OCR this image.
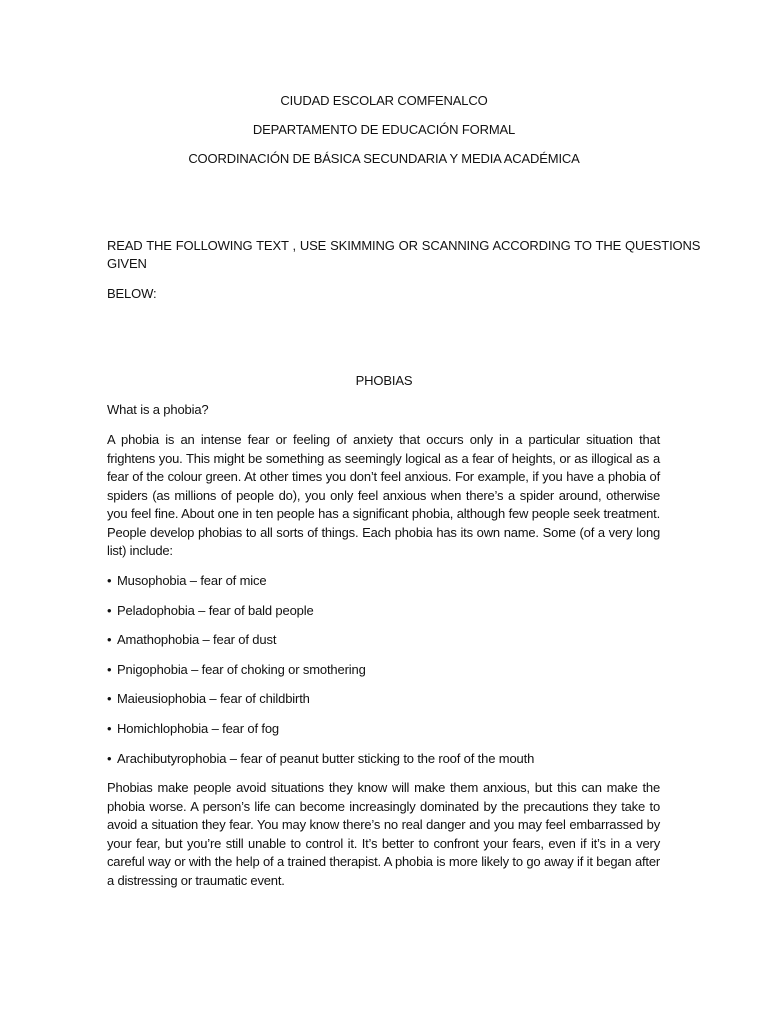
CIUDAD ESCOLAR COMFENALCO

DEPARTAMENTO DE EDUCACIÓN FORMAL

COORDINACIÓN DE BÁSICA SECUNDARIA Y MEDIA ACADÉMICA

READ THE FOLLOWING TEXT , USE SKIMMING OR SCANNING ACCORDING TO THE QUESTIONS

GIVEN

BELOW:

PHOBIAS

What is a phobia?

A phobia is an intense fear or feeling of anxiety that occurs only in a particular situation that frightens you. This might be something as seemingly logical as a fear of heights, or as illogical as a fear of the colour green. At other times you don’t feel anxious. For example, if you have a phobia of spiders (as millions of people do), you only feel anxious when there’s a spider around, otherwise you feel fine. About one in ten people has a significant phobia, although few people seek treatment. People develop phobias to all sorts of things. Each phobia has its own name. Some (of a very long list) include:

• Musophobia – fear of mice
• Peladophobia – fear of bald people
• Amathophobia – fear of dust
• Pnigophobia – fear of choking or smothering
• Maieusiophobia – fear of childbirth
• Homichlophobia – fear of fog
• Arachibutyrophobia – fear of peanut butter sticking to the roof of the mouth

Phobias make people avoid situations they know will make them anxious, but this can make the phobia worse. A person’s life can become increasingly dominated by the precautions they take to avoid a situation they fear. You may know there’s no real danger and you may feel embarrassed by your fear, but you’re still unable to control it. It’s better to confront your fears, even if it’s in a very careful way or with the help of a trained therapist. A phobia is more likely to go away if it began after a distressing or traumatic event.
